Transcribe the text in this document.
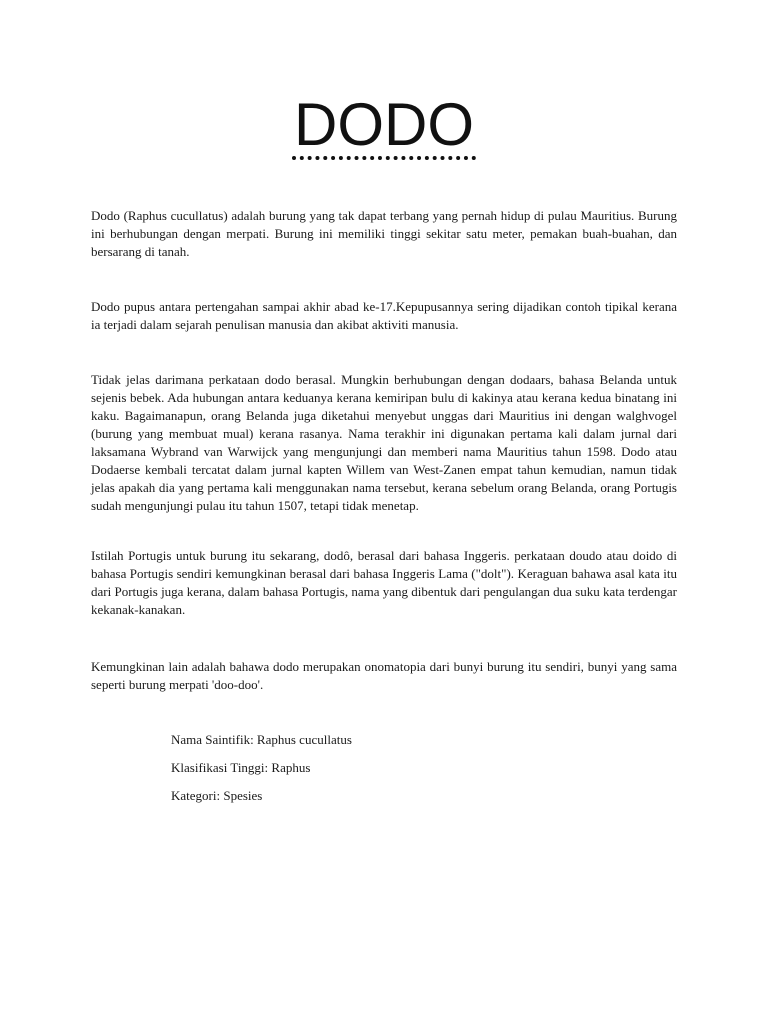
DODO

Dodo (Raphus cucullatus) adalah burung yang tak dapat terbang yang pernah hidup di pulau Mauritius. Burung ini berhubungan dengan merpati. Burung ini memiliki tinggi sekitar satu meter, pemakan buah-buahan, dan bersarang di tanah.

Dodo pupus antara pertengahan sampai akhir abad ke-17.Kepupusannya sering dijadikan contoh tipikal kerana ia terjadi dalam sejarah penulisan manusia dan akibat aktiviti manusia.

Tidak jelas darimana perkataan dodo berasal. Mungkin berhubungan dengan dodaars, bahasa Belanda untuk sejenis bebek. Ada hubungan antara keduanya kerana kemiripan bulu di kakinya atau kerana kedua binatang ini kaku. Bagaimanapun, orang Belanda juga diketahui menyebut unggas dari Mauritius ini dengan walghvogel (burung yang membuat mual) kerana rasanya. Nama terakhir ini digunakan pertama kali dalam jurnal dari laksamana Wybrand van Warwijck yang mengunjungi dan memberi nama Mauritius tahun 1598. Dodo atau Dodaerse kembali tercatat dalam jurnal kapten Willem van West-Zanen empat tahun kemudian, namun tidak jelas apakah dia yang pertama kali menggunakan nama tersebut, kerana sebelum orang Belanda, orang Portugis sudah mengunjungi pulau itu tahun 1507, tetapi tidak menetap.

Istilah Portugis untuk burung itu sekarang, dodô, berasal dari bahasa Inggeris. perkataan doudo atau doido di bahasa Portugis sendiri kemungkinan berasal dari bahasa Inggeris Lama ("dolt"). Keraguan bahawa asal kata itu dari Portugis juga kerana, dalam bahasa Portugis, nama yang dibentuk dari pengulangan dua suku kata terdengar kekanak-kanakan.

Kemungkinan lain adalah bahawa dodo merupakan onomatopia dari bunyi burung itu sendiri, bunyi yang sama seperti burung merpati 'doo-doo'.

Nama Saintifik: Raphus cucullatus

Klasifikasi Tinggi: Raphus

Kategori: Spesies
